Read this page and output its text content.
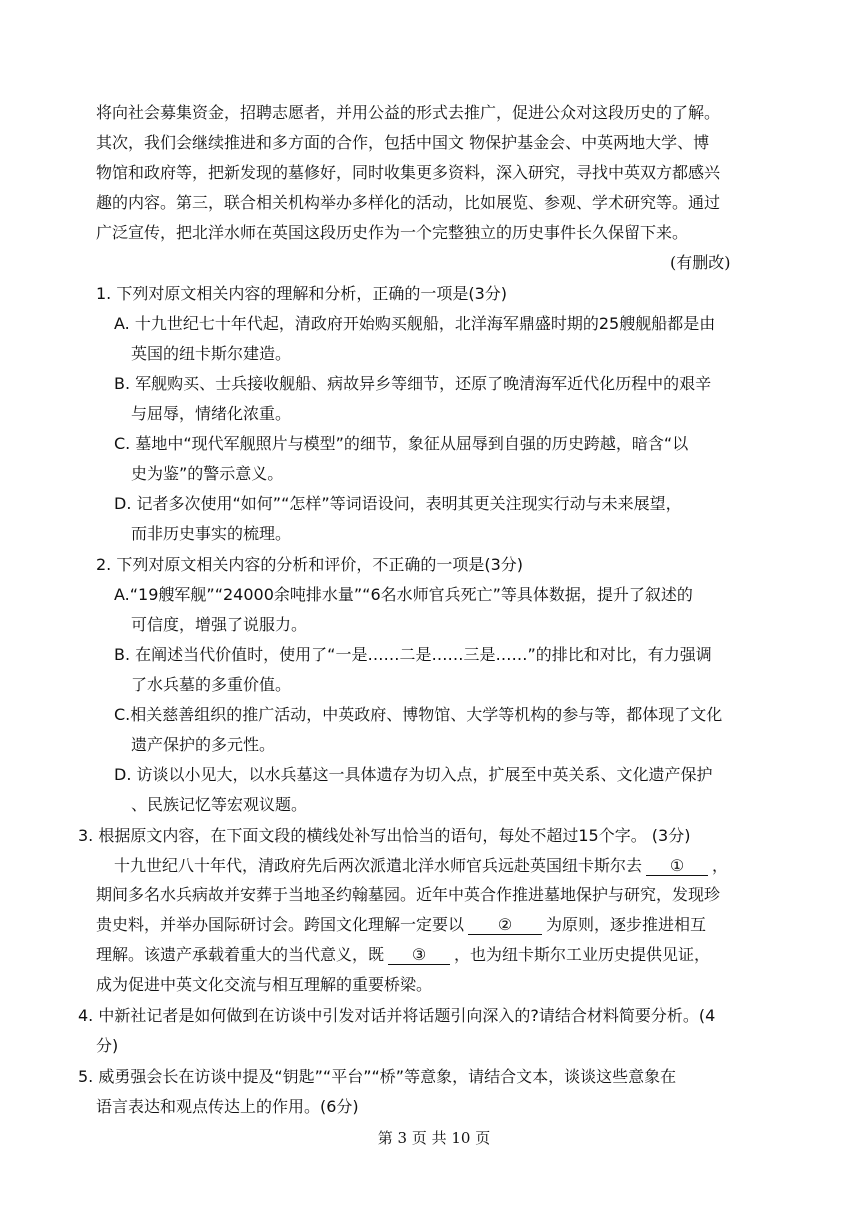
将向社会募集资金，招聘志愿者，并用公益的形式去推广，促进公众对这段历史的了解。
其次，我们会继续推进和多方面的合作，包括中国文 物保护基金会、中英两地大学、博
物馆和政府等，把新发现的墓修好，同时收集更多资料，深入研究，寻找中英双方都感兴
趣的内容。第三，联合相关机构举办多样化的活动，比如展览、参观、学术研究等。通过
广泛宣传，把北洋水师在英国这段历史作为一个完整独立的历史事件长久保留下来。
(有删改)
1. 下列对原文相关内容的理解和分析，正确的一项是(3分)
A. 十九世纪七十年代起，清政府开始购买舰船，北洋海军鼎盛时期的25艘舰船都是由
英国的纽卡斯尔建造。
B. 军舰购买、士兵接收舰船、病故异乡等细节，还原了晚清海军近代化历程中的艰辛
与屈辱，情绪化浓重。
C. 墓地中“现代军舰照片与模型”的细节，象征从屈辱到自强的历史跨越，暗含“以
史为鉴”的警示意义。
D. 记者多次使用“如何”“怎样”等词语设问，表明其更关注现实行动与未来展望，
而非历史事实的梳理。
2. 下列对原文相关内容的分析和评价，不正确的一项是(3分)
A.“19艘军舰”“24000余吨排水量”“6名水师官兵死亡”等具体数据，提升了叙述的
可信度，增强了说服力。
B. 在阐述当代价值时，使用了“一是……二是……三是……”的排比和对比，有力强调
了水兵墓的多重价值。
C.相关慈善组织的推广活动，中英政府、博物馆、大学等机构的参与等，都体现了文化
遗产保护的多元性。
D. 访谈以小见大，以水兵墓这一具体遗存为切入点，扩展至中英关系、文化遗产保护
、民族记忆等宏观议题。
3. 根据原文内容，在下面文段的横线处补写出恰当的语句，每处不超过15个字。 (3分)
十九世纪八十年代，清政府先后两次派遣北洋水师官兵远赴英国纽卡斯尔去 ① ，
期间多名水兵病故并安葬于当地圣约翰墓园。近年中英合作推进墓地保护与研究，发现珍
贵史料，并举办国际研讨会。跨国文化理解一定要以 ② 为原则，逐步推进相互
理解。该遗产承载着重大的当代意义，既 ③ ，也为纽卡斯尔工业历史提供见证，
成为促进中英文化交流与相互理解的重要桥梁。
4. 中新社记者是如何做到在访谈中引发对话并将话题引向深入的?请结合材料简要分析。(4
分)
5. 威勇强会长在访谈中提及“钥匙”“平台”“桥”等意象，请结合文本，谈谈这些意象在
语言表达和观点传达上的作用。(6分)
第 3 页 共 10 页
